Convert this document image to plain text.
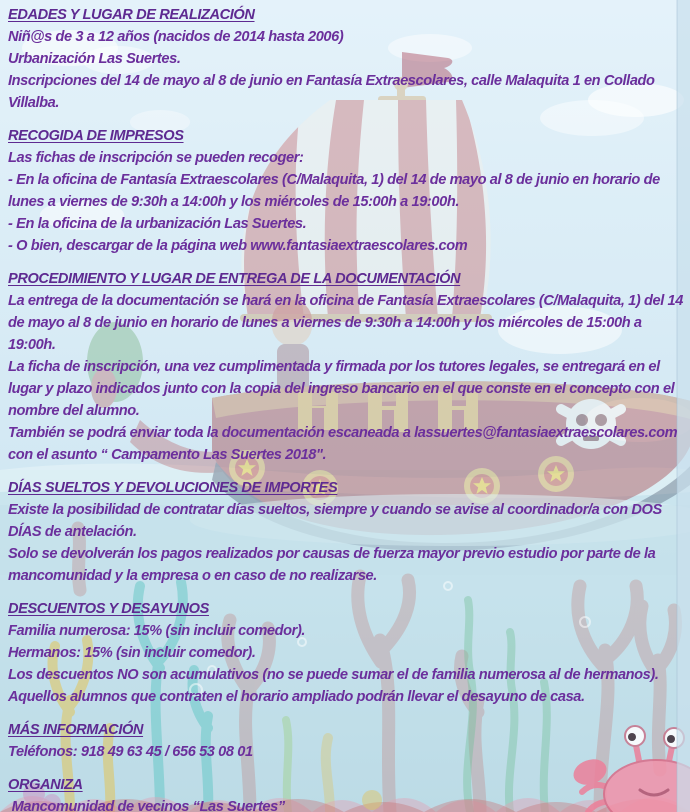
EDADES Y LUGAR DE REALIZACIÓN
Niñ@s de 3 a 12 años (nacidos de 2014 hasta 2006)
Urbanización Las Suertes.
Inscripciones del 14 de mayo al 8 de junio en Fantasía Extraescolares, calle Malaquita 1 en Collado Villalba.
RECOGIDA DE IMPRESOS
Las fichas de inscripción se pueden recoger:
- En la oficina de Fantasía Extraescolares (C/Malaquita, 1) del 14 de mayo al 8 de junio en horario de lunes a viernes de 9:30h a 14:00h y los miércoles de 15:00h a 19:00h.
- En la oficina de la urbanización Las Suertes.
- O bien, descargar de la página web www.fantasiaextraescolares.com
PROCEDIMIENTO Y LUGAR DE ENTREGA DE LA DOCUMENTACIÓN
La entrega de la documentación se hará en la oficina de Fantasía Extraescolares (C/Malaquita, 1) del 14 de mayo al 8 de junio en horario de lunes a viernes de 9:30h a 14:00h y los miércoles de 15:00h a 19:00h.
La ficha de inscripción, una vez cumplimentada y firmada por los tutores legales, se entregará en el lugar y plazo indicados junto con la copia del ingreso bancario en el que conste en el concepto con el nombre del alumno.
También se podrá enviar toda la documentación escaneada a lassuertes@fantasiaextraescolares.com con el asunto “ Campamento Las Suertes 2018".
DÍAS SUELTOS Y DEVOLUCIONES DE IMPORTES
Existe la posibilidad de contratar días sueltos, siempre y cuando se avise al coordinador/a con DOS DÍAS de antelación.
Solo se devolverán los pagos realizados por causas de fuerza mayor previo estudio por parte de la mancomunidad y la empresa o en caso de no realizarse.
DESCUENTOS Y DESAYUNOS
Familia numerosa: 15% (sin incluir comedor).
Hermanos: 15% (sin incluir comedor).
Los descuentos NO son acumulativos (no se puede sumar el de familia numerosa al de hermanos).
Aquellos alumnos que contraten el horario ampliado podrán llevar el desayuno de casa.
MÁS INFORMACIÓN
Teléfonos: 918 49 63 45 / 656 53 08 01
ORGANIZA
Mancomunidad de vecinos “Las Suertes”
